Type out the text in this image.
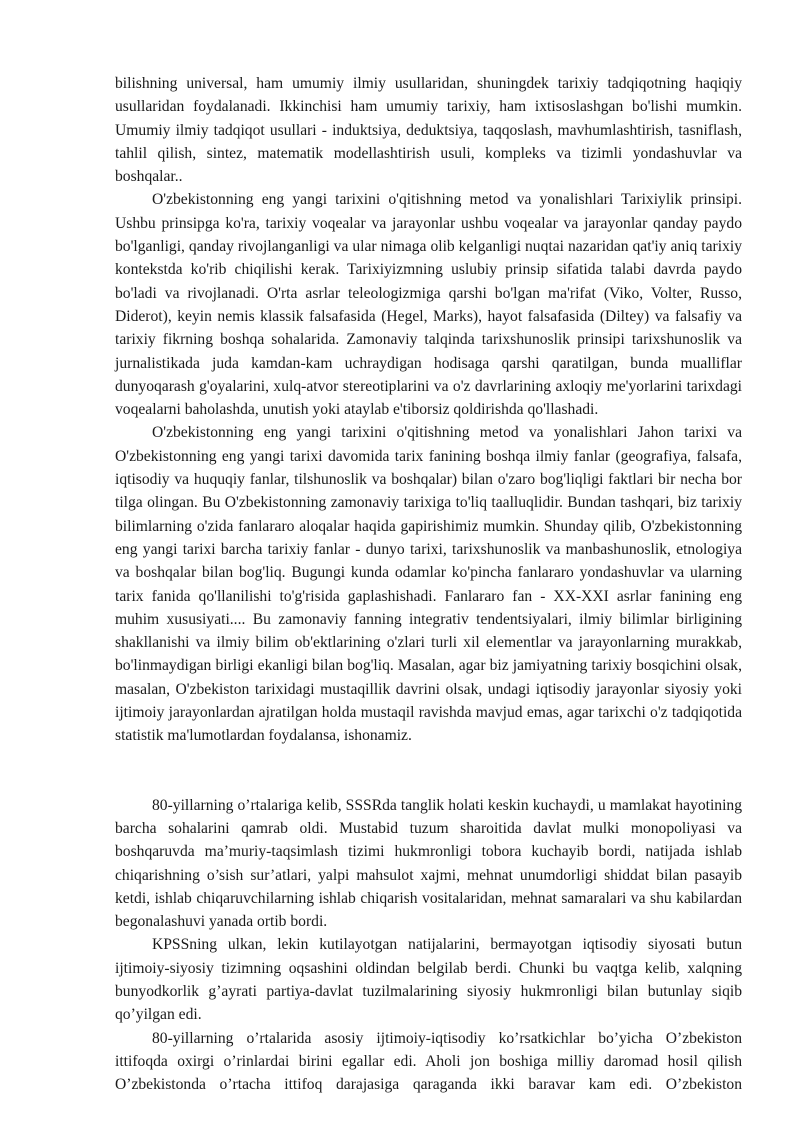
bilishning universal, ham umumiy ilmiy usullaridan, shuningdek tarixiy tadqiqotning haqiqiy usullaridan foydalanadi. Ikkinchisi ham umumiy tarixiy, ham ixtisoslashgan bo'lishi mumkin. Umumiy ilmiy tadqiqot usullari - induktsiya, deduktsiya, taqqoslash, mavhumlashtirish, tasniflash, tahlil qilish, sintez, matematik modellashtirish usuli, kompleks va tizimli yondashuvlar va boshqalar..

O'zbekistonning eng yangi tarixini o'qitishning metod va yonalishlari Tarixiylik prinsipi. Ushbu prinsipga ko'ra, tarixiy voqealar va jarayonlar ushbu voqealar va jarayonlar qanday paydo bo'lganligi, qanday rivojlanganligi va ular nimaga olib kelganligi nuqtai nazaridan qat'iy aniq tarixiy kontekstda ko'rib chiqilishi kerak. Tarixiyizmning uslubiy prinsip sifatida talabi davrda paydo bo'ladi va rivojlanadi. O'rta asrlar teleologizmiga qarshi bo'lgan ma'rifat (Viko, Volter, Russo, Diderot), keyin nemis klassik falsafasida (Hegel, Marks), hayot falsafasida (Diltey) va falsafiy va tarixiy fikrning boshqa sohalarida. Zamonaviy talqinda tarixshunoslik prinsipi tarixshunoslik va jurnalistikada juda kamdan-kam uchraydigan hodisaga qarshi qaratilgan, bunda mualliflar dunyoqarash g'oyalarini, xulq-atvor stereotiplarini va o'z davrlarining axloqiy me'yorlarini tarixdagi voqealarni baholashda, unutish yoki ataylab e'tiborsiz qoldirishda qo'llashadi.

O'zbekistonning eng yangi tarixini o'qitishning metod va yonalishlari Jahon tarixi va O'zbekistonning eng yangi tarixi davomida tarix fanining boshqa ilmiy fanlar (geografiya, falsafa, iqtisodiy va huquqiy fanlar, tilshunoslik va boshqalar) bilan o'zaro bog'liqligi faktlari bir necha bor tilga olingan. Bu O'zbekistonning zamonaviy tarixiga to'liq taalluqlidir. Bundan tashqari, biz tarixiy bilimlarning o'zida fanlararo aloqalar haqida gapirishimiz mumkin. Shunday qilib, O'zbekistonning eng yangi tarixi barcha tarixiy fanlar - dunyo tarixi, tarixshunoslik va manbashunoslik, etnologiya va boshqalar bilan bog'liq. Bugungi kunda odamlar ko'pincha fanlararo yondashuvlar va ularning tarix fanida qo'llanilishi to'g'risida gaplashishadi. Fanlararo fan - XX-XXI asrlar fanining eng muhim xususiyati.... Bu zamonaviy fanning integrativ tendentsiyalari, ilmiy bilimlar birligining shakllanishi va ilmiy bilim ob'ektlarining o'zlari turli xil elementlar va jarayonlarning murakkab, bo'linmaydigan birligi ekanligi bilan bog'liq. Masalan, agar biz jamiyatning tarixiy bosqichini olsak, masalan, O'zbekiston tarixidagi mustaqillik davrini olsak, undagi iqtisodiy jarayonlar siyosiy yoki ijtimoiy jarayonlardan ajratilgan holda mustaqil ravishda mavjud emas, agar tarixchi o'z tadqiqotida statistik ma'lumotlardan foydalansa, ishonamiz.

80-yillarning o’rtalariga kelib, SSSRda tanglik holati keskin kuchaydi, u mamlakat hayotining barcha sohalarini qamrab oldi. Mustabid tuzum sharoitida davlat mulki monopoliyasi va boshqaruvda ma’muriy-taqsimlash tizimi hukmronligi tobora kuchayib bordi, natijada ishlab chiqarishning o’sish sur’atlari, yalpi mahsulot xajmi, mehnat unumdorligi shiddat bilan pasayib ketdi, ishlab chiqaruvchilarning ishlab chiqarish vositalaridan, mehnat samaralari va shu kabilardan begonalashuvi yanada ortib bordi.

KPSSning ulkan, lekin kutilayotgan natijalarini, bermayotgan iqtisodiy siyosati butun ijtimoiy-siyosiy tizimning oqsashini oldindan belgilab berdi. Chunki bu vaqtga kelib, xalqning bunyodkorlik g’ayrati partiya-davlat tuzilmalarining siyosiy hukmronligi bilan butunlay siqib qo’yilgan edi.

80-yillarning o’rtalarida asosiy ijtimoiy-iqtisodiy ko’rsatkichlar bo’yicha O’zbekiston ittifoqda oxirgi o’rinlardai birini egallar edi. Aholi jon boshiga milliy daromad hosil qilish O’zbekistonda o’rtacha ittifoq darajasiga qaraganda ikki baravar kam edi. O’zbekiston
